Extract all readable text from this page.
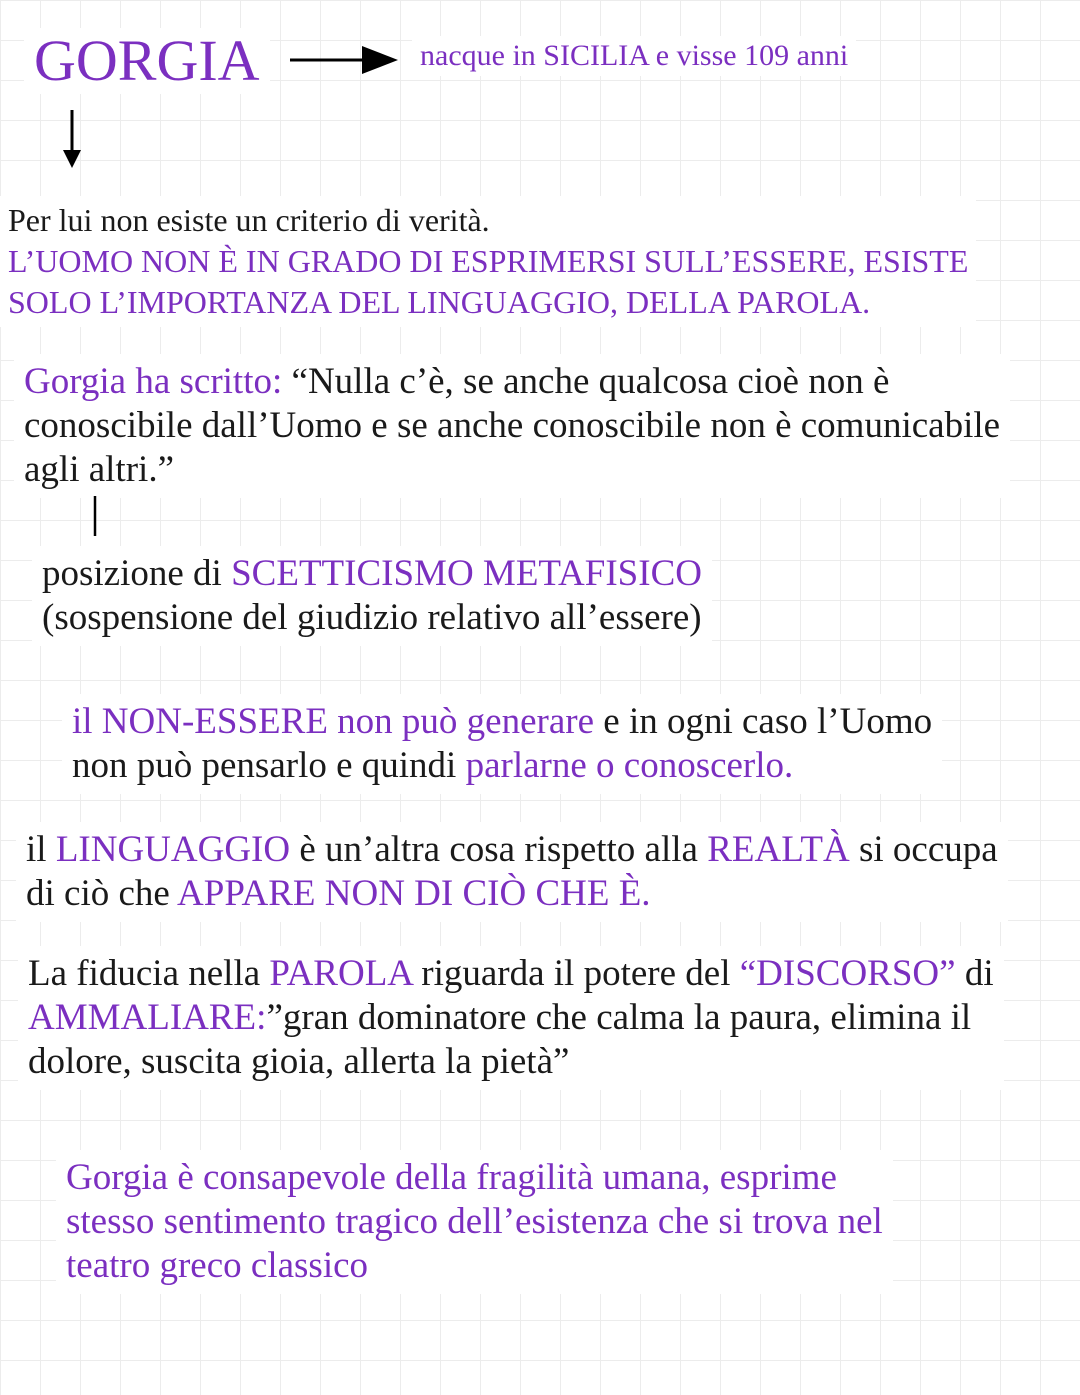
GORGIA	nacque in SICILIA e visse 109 anni
Per lui non esiste un criterio di verità.
L’UOMO NON È IN GRADO DI ESPRIMERSI SULL’ESSERE, ESISTE
SOLO L’IMPORTANZA DEL LINGUAGGIO, DELLA PAROLA.
Gorgia ha scritto: “Nulla c’è, se anche qualcosa cioè non è
conoscibile dall’Uomo e se anche conoscibile non è comunicabile
agli altri.”
posizione di SCETTICISMO METAFISICO
(sospensione del giudizio relativo all’essere)
il NON-ESSERE non può generare e in ogni caso l’Uomo
non può pensarlo e quindi parlarne o conoscerlo.
il LINGUAGGIO è un’altra cosa rispetto alla REALTÀ si occupa
di ciò che APPARE NON DI CIÒ CHE È.
La fiducia nella PAROLA riguarda il potere del “DISCORSO” di
AMMALIARE:”gran dominatore che calma la paura, elimina il
dolore, suscita gioia, allerta la pietà”
Gorgia è consapevole della fragilità umana, esprime
stesso sentimento tragico dell’esistenza che si trova nel
teatro greco classico
